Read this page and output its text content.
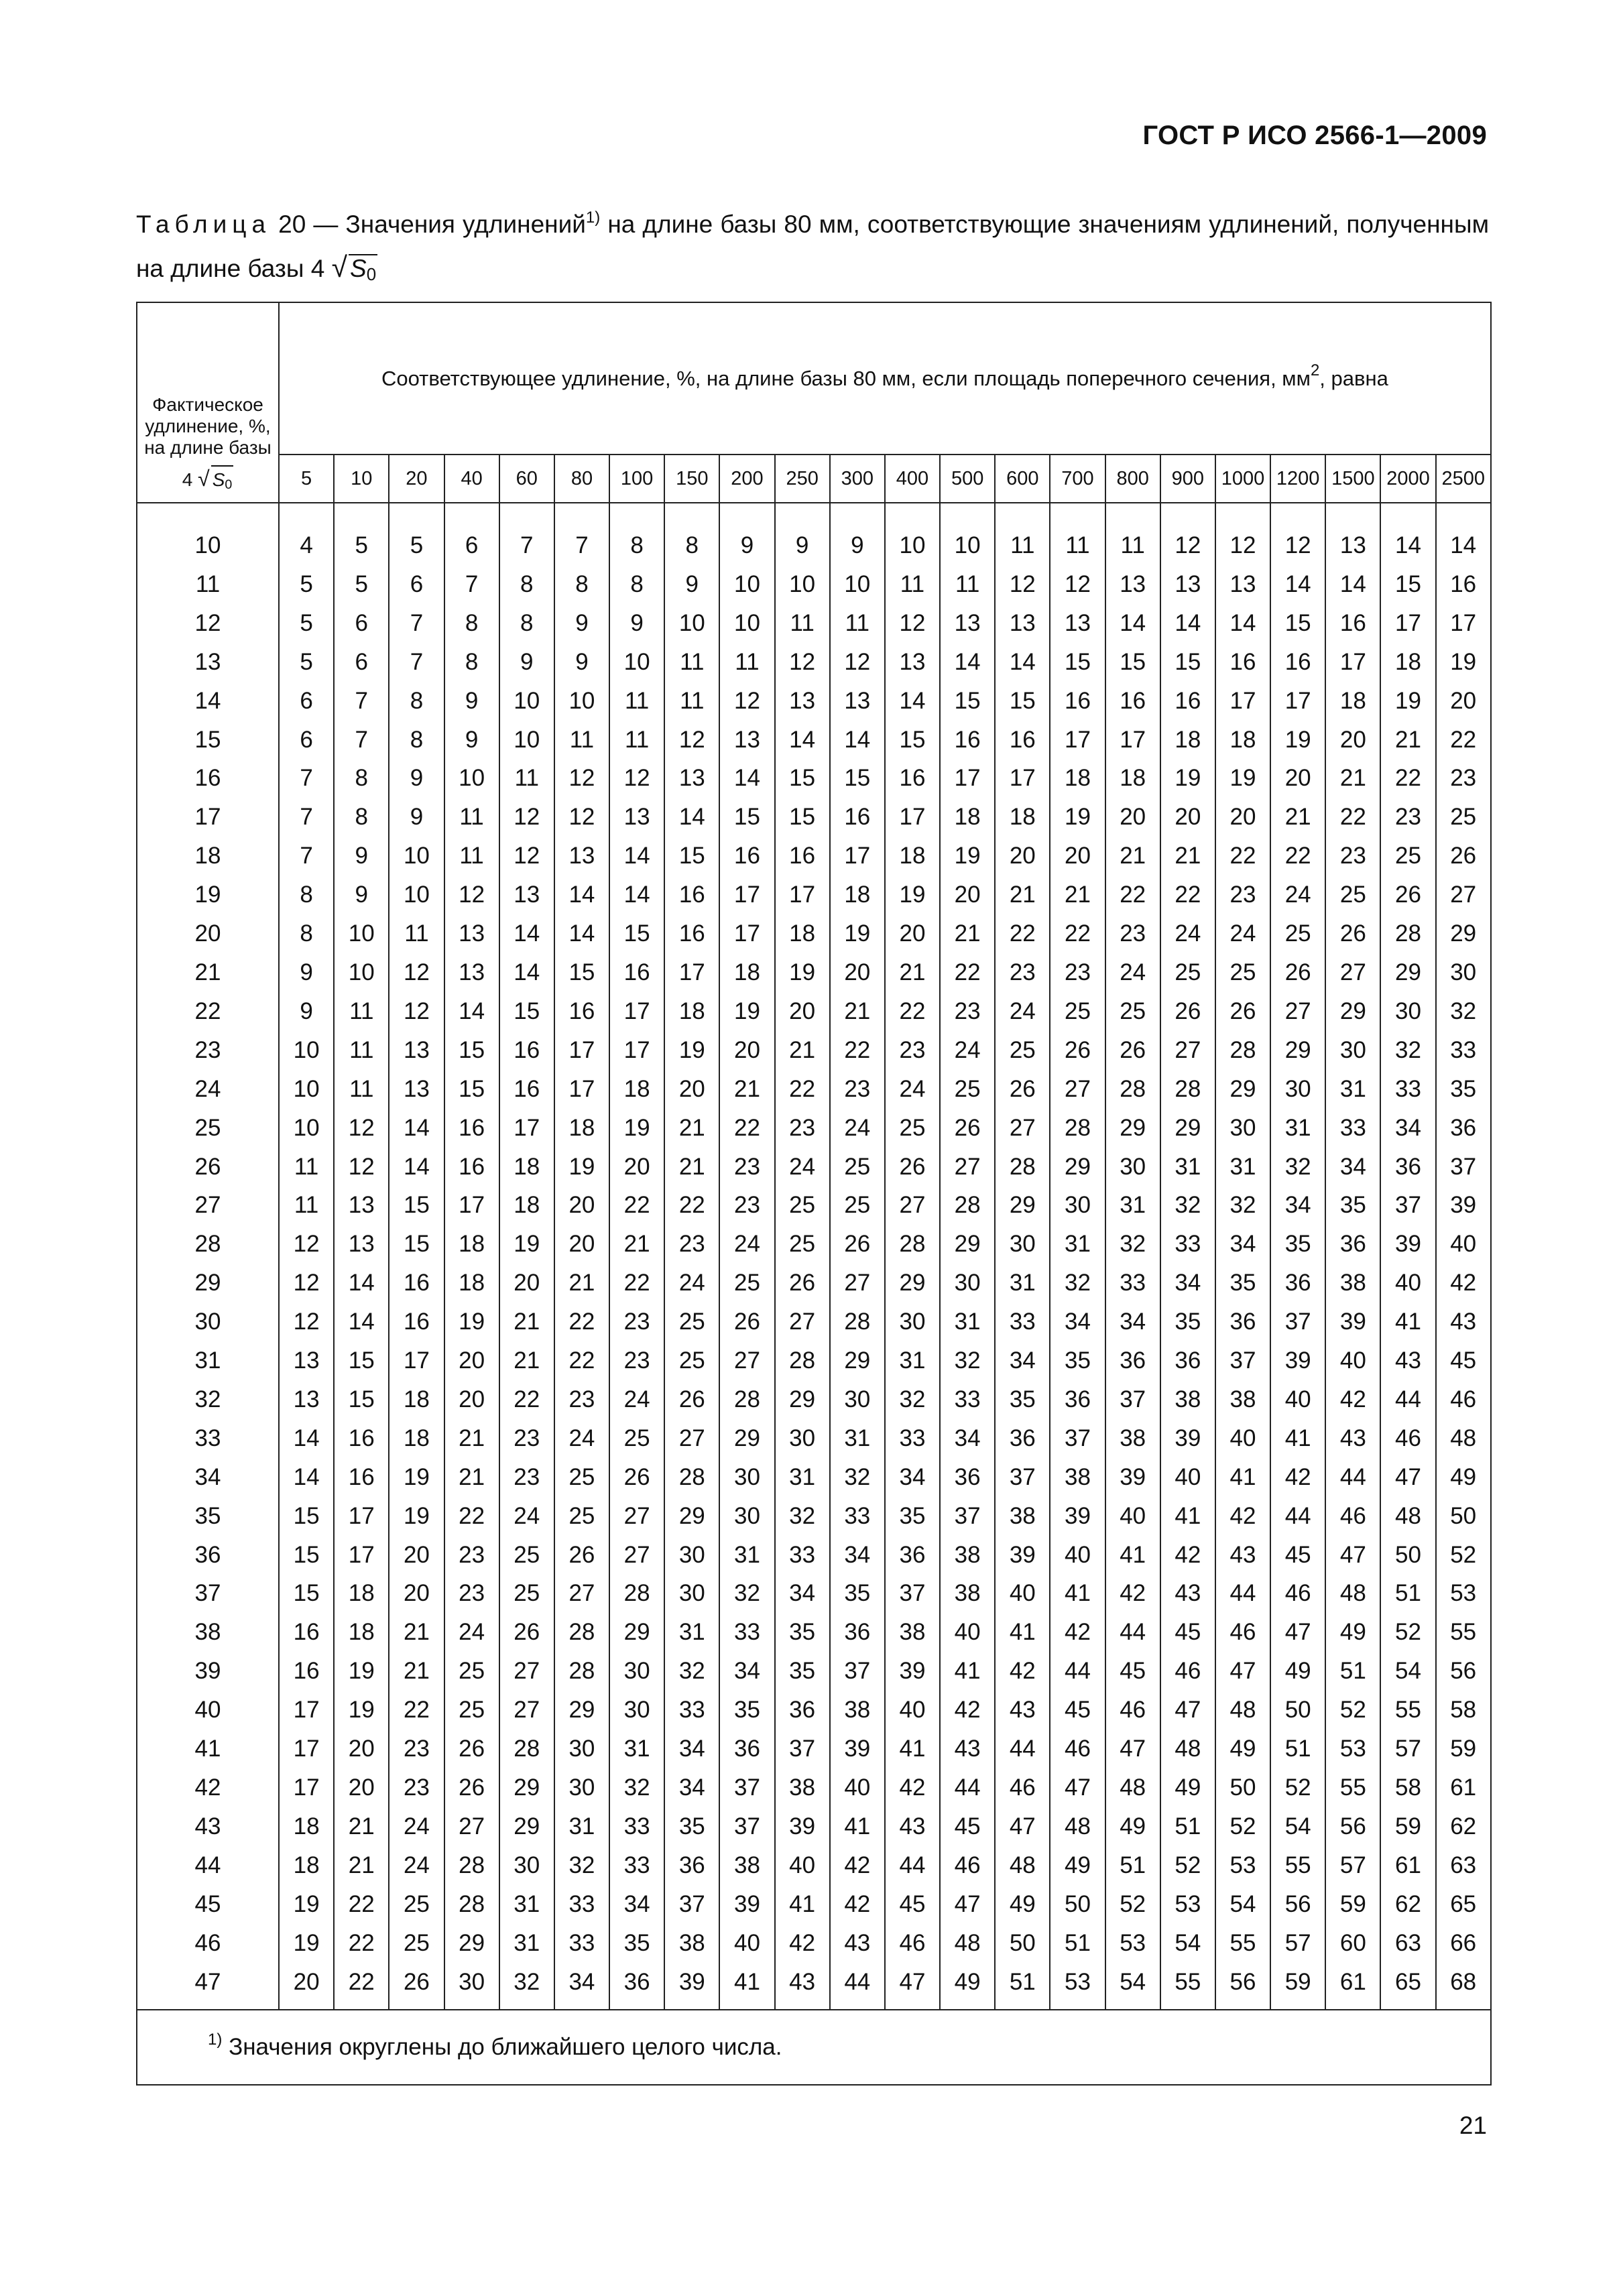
ГОСТ Р ИСО 2566-1—2009
Таблица 20 — Значения удлинений$^{1)}$ на длине базы 80 мм, соответствующие значениям удлинений, полученным на длине базы 4 √ $S_0$
Фактическое удлинение, %, на длине базы
4 √ S0	Соответствующее удлинение, %, на длине базы 80 мм, если площадь поперечного сечения, $мм^2$, равна																					
	5	10	20	40	60	80	100	150	200	250	300	400	500	600	700	800	900	1000	1200	1500	2000	2500

10	4	5	5	6	7	7	8	8	9	9	9	10	10	11	11	11	12	12	12	13	14	14
11	5	5	6	7	8	8	8	9	10	10	10	11	11	12	12	13	13	13	14	14	15	16
12	5	6	7	8	8	9	9	10	10	11	11	12	13	13	13	14	14	14	15	16	17	17
13	5	6	7	8	9	9	10	11	11	12	12	13	14	14	15	15	15	16	16	17	18	19
14	6	7	8	9	10	10	11	11	12	13	13	14	15	15	16	16	16	17	17	18	19	20
15	6	7	8	9	10	11	11	12	13	14	14	15	16	16	17	17	18	18	19	20	21	22
16	7	8	9	10	11	12	12	13	14	15	15	16	17	17	18	18	19	19	20	21	22	23
17	7	8	9	11	12	12	13	14	15	15	16	17	18	18	19	20	20	20	21	22	23	25
18	7	9	10	11	12	13	14	15	16	16	17	18	19	20	20	21	21	22	22	23	25	26
19	8	9	10	12	13	14	14	16	17	17	18	19	20	21	21	22	22	23	24	25	26	27
20	8	10	11	13	14	14	15	16	17	18	19	20	21	22	22	23	24	24	25	26	28	29
21	9	10	12	13	14	15	16	17	18	19	20	21	22	23	23	24	25	25	26	27	29	30
22	9	11	12	14	15	16	17	18	19	20	21	22	23	24	25	25	26	26	27	29	30	32
23	10	11	13	15	16	17	17	19	20	21	22	23	24	25	26	26	27	28	29	30	32	33
24	10	11	13	15	16	17	18	20	21	22	23	24	25	26	27	28	28	29	30	31	33	35
25	10	12	14	16	17	18	19	21	22	23	24	25	26	27	28	29	29	30	31	33	34	36
26	11	12	14	16	18	19	20	21	23	24	25	26	27	28	29	30	31	31	32	34	36	37
27	11	13	15	17	18	20	22	22	23	25	25	27	28	29	30	31	32	32	34	35	37	39
28	12	13	15	18	19	20	21	23	24	25	26	28	29	30	31	32	33	34	35	36	39	40
29	12	14	16	18	20	21	22	24	25	26	27	29	30	31	32	33	34	35	36	38	40	42
30	12	14	16	19	21	22	23	25	26	27	28	30	31	33	34	34	35	36	37	39	41	43
31	13	15	17	20	21	22	23	25	27	28	29	31	32	34	35	36	36	37	39	40	43	45
32	13	15	18	20	22	23	24	26	28	29	30	32	33	35	36	37	38	38	40	42	44	46
33	14	16	18	21	23	24	25	27	29	30	31	33	34	36	37	38	39	40	41	43	46	48
34	14	16	19	21	23	25	26	28	30	31	32	34	36	37	38	39	40	41	42	44	47	49
35	15	17	19	22	24	25	27	29	30	32	33	35	37	38	39	40	41	42	44	46	48	50
36	15	17	20	23	25	26	27	30	31	33	34	36	38	39	40	41	42	43	45	47	50	52
37	15	18	20	23	25	27	28	30	32	34	35	37	38	40	41	42	43	44	46	48	51	53
38	16	18	21	24	26	28	29	31	33	35	36	38	40	41	42	44	45	46	47	49	52	55
39	16	19	21	25	27	28	30	32	34	35	37	39	41	42	44	45	46	47	49	51	54	56
40	17	19	22	25	27	29	30	33	35	36	38	40	42	43	45	46	47	48	50	52	55	58
41	17	20	23	26	28	30	31	34	36	37	39	41	43	44	46	47	48	49	51	53	57	59
42	17	20	23	26	29	30	32	34	37	38	40	42	44	46	47	48	49	50	52	55	58	61
43	18	21	24	27	29	31	33	35	37	39	41	43	45	47	48	49	51	52	54	56	59	62
44	18	21	24	28	30	32	33	36	38	40	42	44	46	48	49	51	52	53	55	57	61	63
45	19	22	25	28	31	33	34	37	39	41	42	45	47	49	50	52	53	54	56	59	62	65
46	19	22	25	29	31	33	35	38	40	42	43	46	48	50	51	53	54	55	57	60	63	66
47	20	22	26	30	32	34	36	39	41	43	44	47	49	51	53	54	55	56	59	61	65	68
$^{1)}$ Значения округлены до ближайшего целого числа.																						
21
